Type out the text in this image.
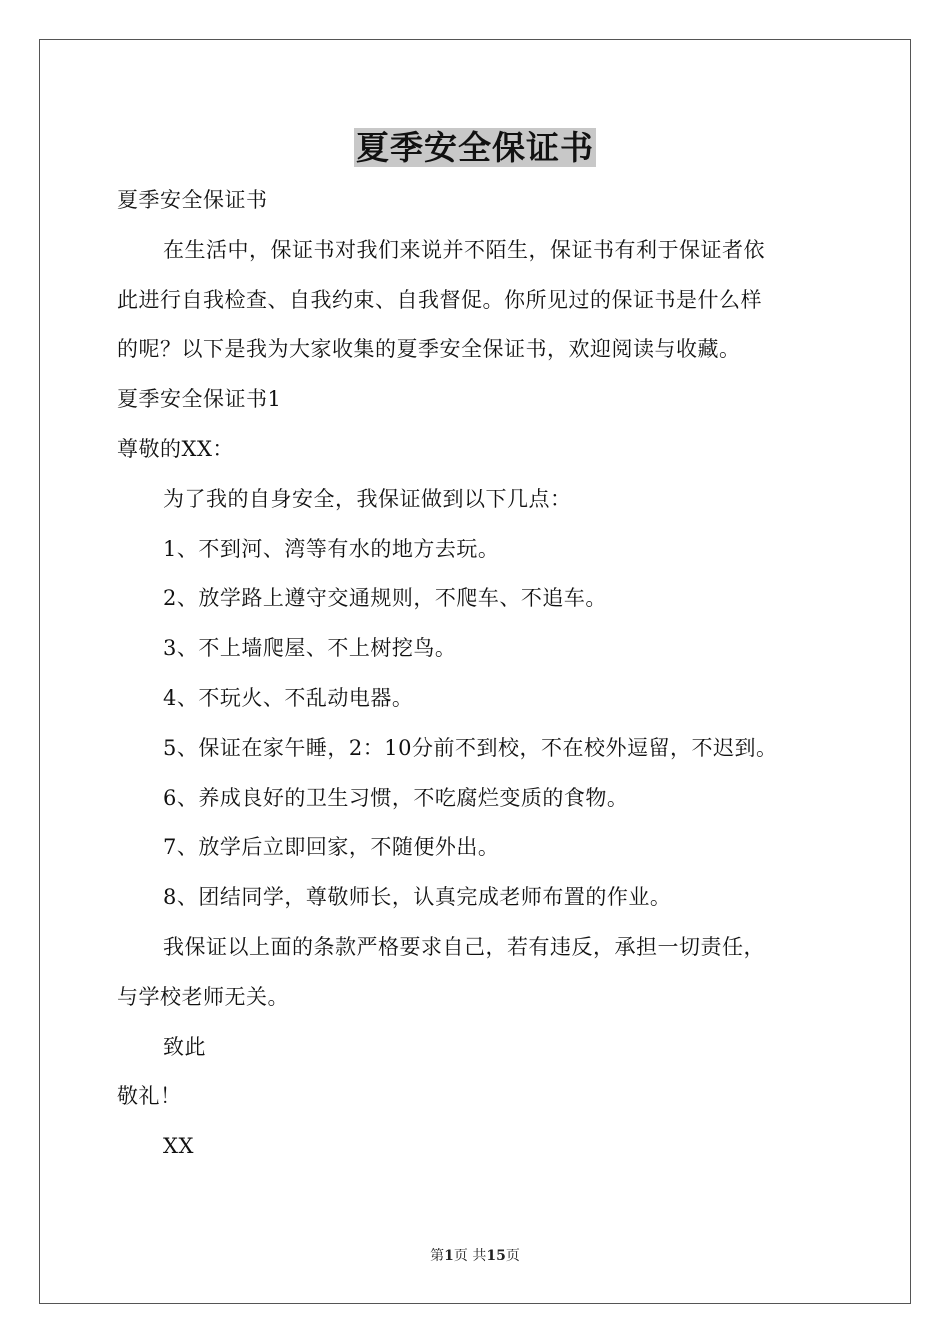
夏季安全保证书
夏季安全保证书
在生活中，保证书对我们来说并不陌生，保证书有利于保证者依
此进行自我检查、自我约束、自我督促。你所见过的保证书是什么样
的呢？以下是我为大家收集的夏季安全保证书，欢迎阅读与收藏。
夏季安全保证书1
尊敬的XX：
为了我的自身安全，我保证做到以下几点：
1、不到河、湾等有水的地方去玩。
2、放学路上遵守交通规则，不爬车、不追车。
3、不上墙爬屋、不上树挖鸟。
4、不玩火、不乱动电器。
5、保证在家午睡，2：10分前不到校，不在校外逗留，不迟到。
6、养成良好的卫生习惯，不吃腐烂变质的食物。
7、放学后立即回家，不随便外出。
8、团结同学，尊敬师长，认真完成老师布置的作业。
我保证以上面的条款严格要求自己，若有违反，承担一切责任，
与学校老师无关。
致此
敬礼！
XX
第1页 共15页
